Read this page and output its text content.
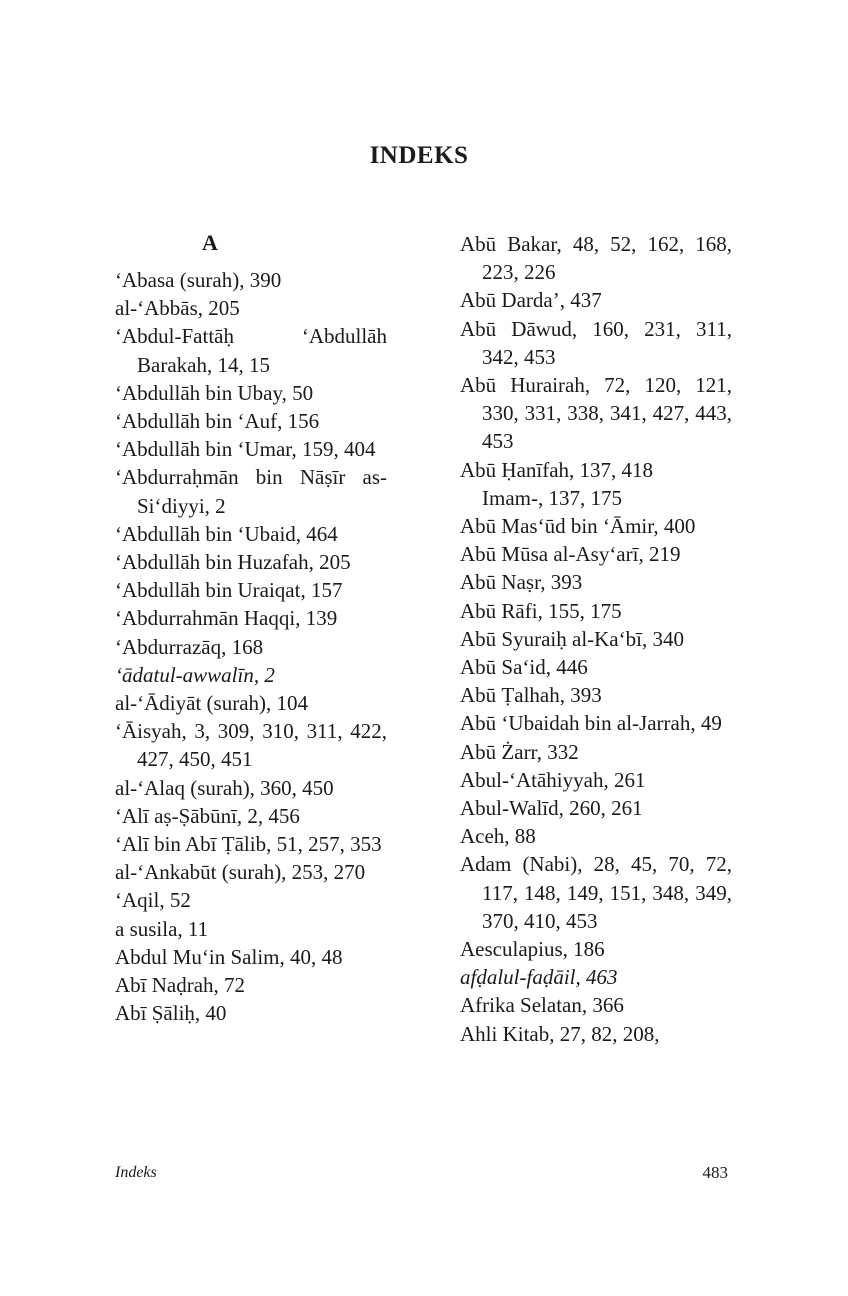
INDEKS
A
‘Abasa (surah), 390
al-‘Abbās, 205
‘Abdul-Fattāḥ ‘Abdullāh Barakah, 14, 15
‘Abdullāh bin Ubay, 50
‘Abdullāh bin ‘Auf, 156
‘Abdullāh bin ‘Umar, 159, 404
‘Abdurraḥmān bin Nāṣīr as-Si‘diyyi, 2
‘Abdullāh bin ‘Ubaid, 464
‘Abdullāh bin Huzafah, 205
‘Abdullāh bin Uraiqat, 157
‘Abdurrahmān Haqqi, 139
‘Abdurrazāq, 168
‘ādatul-awwalīn, 2
al-‘Ādiyāt (surah), 104
‘Āisyah, 3, 309, 310, 311, 422, 427, 450, 451
al-‘Alaq (surah), 360, 450
‘Alī aṣ-Ṣābūnī, 2, 456
‘Alī bin Abī Ṭālib, 51, 257, 353
al-‘Ankabūt (surah), 253, 270
‘Aqil, 52
a susila, 11
Abdul Mu‘in Salim, 40, 48
Abī Naḍrah, 72
Abī Ṣāliḥ, 40
Abū Bakar, 48, 52, 162, 168, 223, 226
Abū Darda’, 437
Abū Dāwud, 160, 231, 311, 342, 453
Abū Hurairah, 72, 120, 121, 330, 331, 338, 341, 427, 443, 453
Abū Ḥanīfah, 137, 418
Imam-, 137, 175
Abū Mas‘ūd bin ‘Āmir, 400
Abū Mūsa al-Asy‘arī, 219
Abū Naṣr, 393
Abū Rāfi, 155, 175
Abū Syuraiḥ al-Ka‘bī, 340
Abū Sa‘id, 446
Abū Ṭalhah, 393
Abū ‘Ubaidah bin al-Jarrah, 49
Abū Żarr, 332
Abul-‘Atāhiyyah, 261
Abul-Walīd, 260, 261
Aceh, 88
Adam (Nabi), 28, 45, 70, 72, 117, 148, 149, 151, 348, 349, 370, 410, 453
Aesculapius, 186
afḍalul-faḍāil, 463
Afrika Selatan, 366
Ahli Kitab, 27, 82, 208,
Indeks	483
